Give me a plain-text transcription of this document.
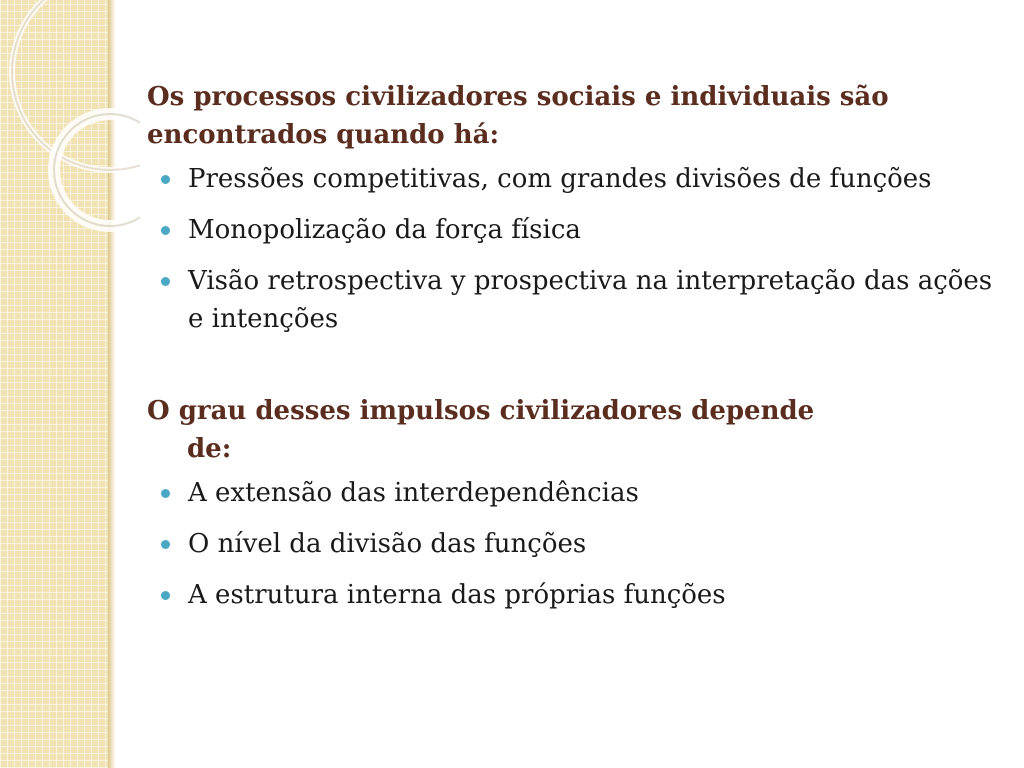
Os processos civilizadores sociais e individuais são encontrados quando há:

Pressões competitivas, com grandes divisões de funções
Monopolização da força física
Visão retrospectiva y prospectiva na interpretação das ações e intenções

O grau desses impulsos civilizadores depende
de:

A extensão das interdependências
O nível da divisão das funções
A estrutura interna das próprias funções
